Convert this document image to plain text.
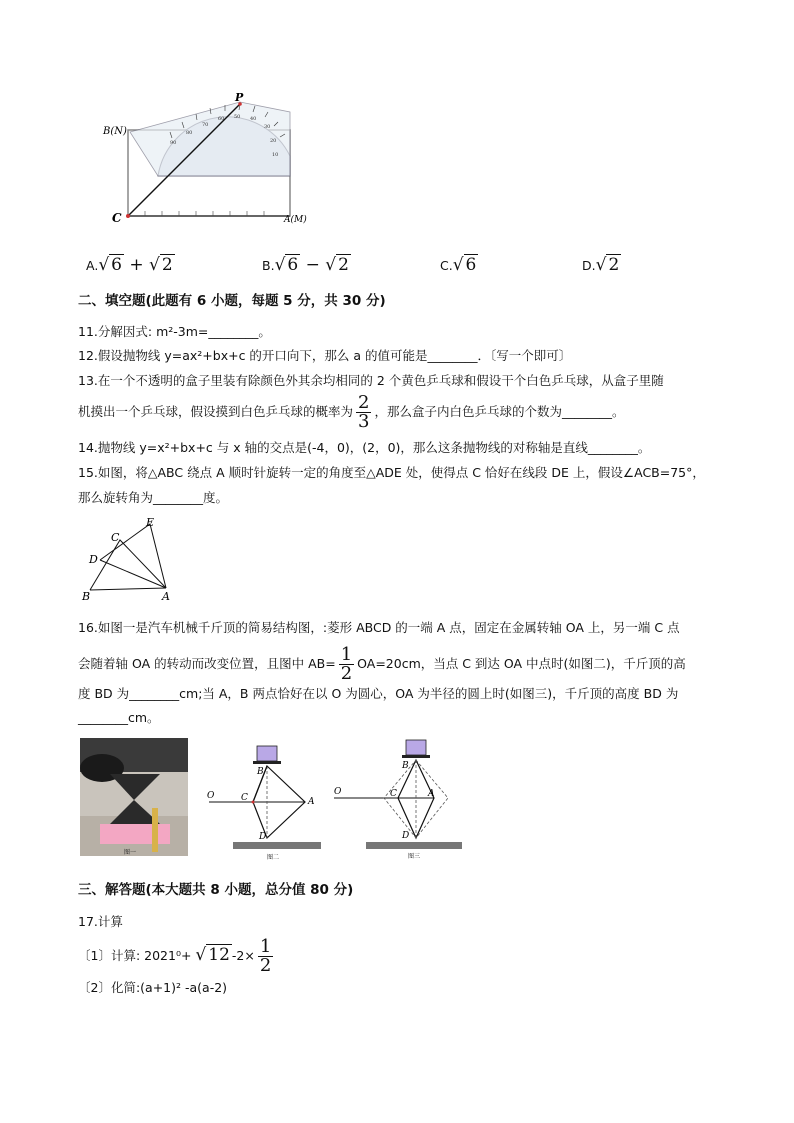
90
80
70
60 50 40
30
20
10
B(N)
P
C	A(M)
A.√ 6 + √ 2	B.√ 6 − √ 2	C.√ 6	D.√ 2
二、填空题(此题有 6 小题，每题 5 分，共 30 分)
11.分解因式: m²-3m=________。
12.假设抛物线 y=ax²+bx+c 的开口向下，那么 a 的值可能是________．〔写一个即可〕
13.在一个不透明的盒子里装有除颜色外其余均相同的 2 个黄色乒乓球和假设干个白色乒乓球，从盒子里随
机摸出一个乒乓球，假设摸到白色乒乓球的概率为 $\frac{2}{3}$ ，那么盒子内白色乒乓球的个数为________。
14.抛物线 y=x²+bx+c 与 x 轴的交点是(-4，0)，(2，0)，那么这条抛物线的对称轴是直线________。
15.如图，将△ABC 绕点 A 顺时针旋转一定的角度至△ADE 处，使得点 C 恰好在线段 DE 上，假设∠ACB=75°，
那么旋转角为________度。
E
C
D
B	A
16.如图一是汽车机械千斤顶的简易结构图，:菱形 ABCD 的一端 A 点，固定在金属转轴 OA 上，另一端 C 点
会随着轴 OA 的转动而改变位置，且图中 $AB= \frac{1}{2} OA=20cm$，当点 C 到达 OA 中点时(如图二)，千斤顶的高
度 BD 为________cm;当 A，B 两点恰好在以 O 为圆心，OA 为半径的圆上时(如图三)，千斤顶的高度 BD 为
________cm。
图一
B
O	C	A
D
图二
B
O	C	A
D
图三
三、解答题(本大题共 8 小题，总分值 80 分)
17.计算
〔1〕计算: 2021⁰+ √ 12 $-2\times \frac{1}{2}$
〔2〕化简:(a+1)² -a(a-2)
